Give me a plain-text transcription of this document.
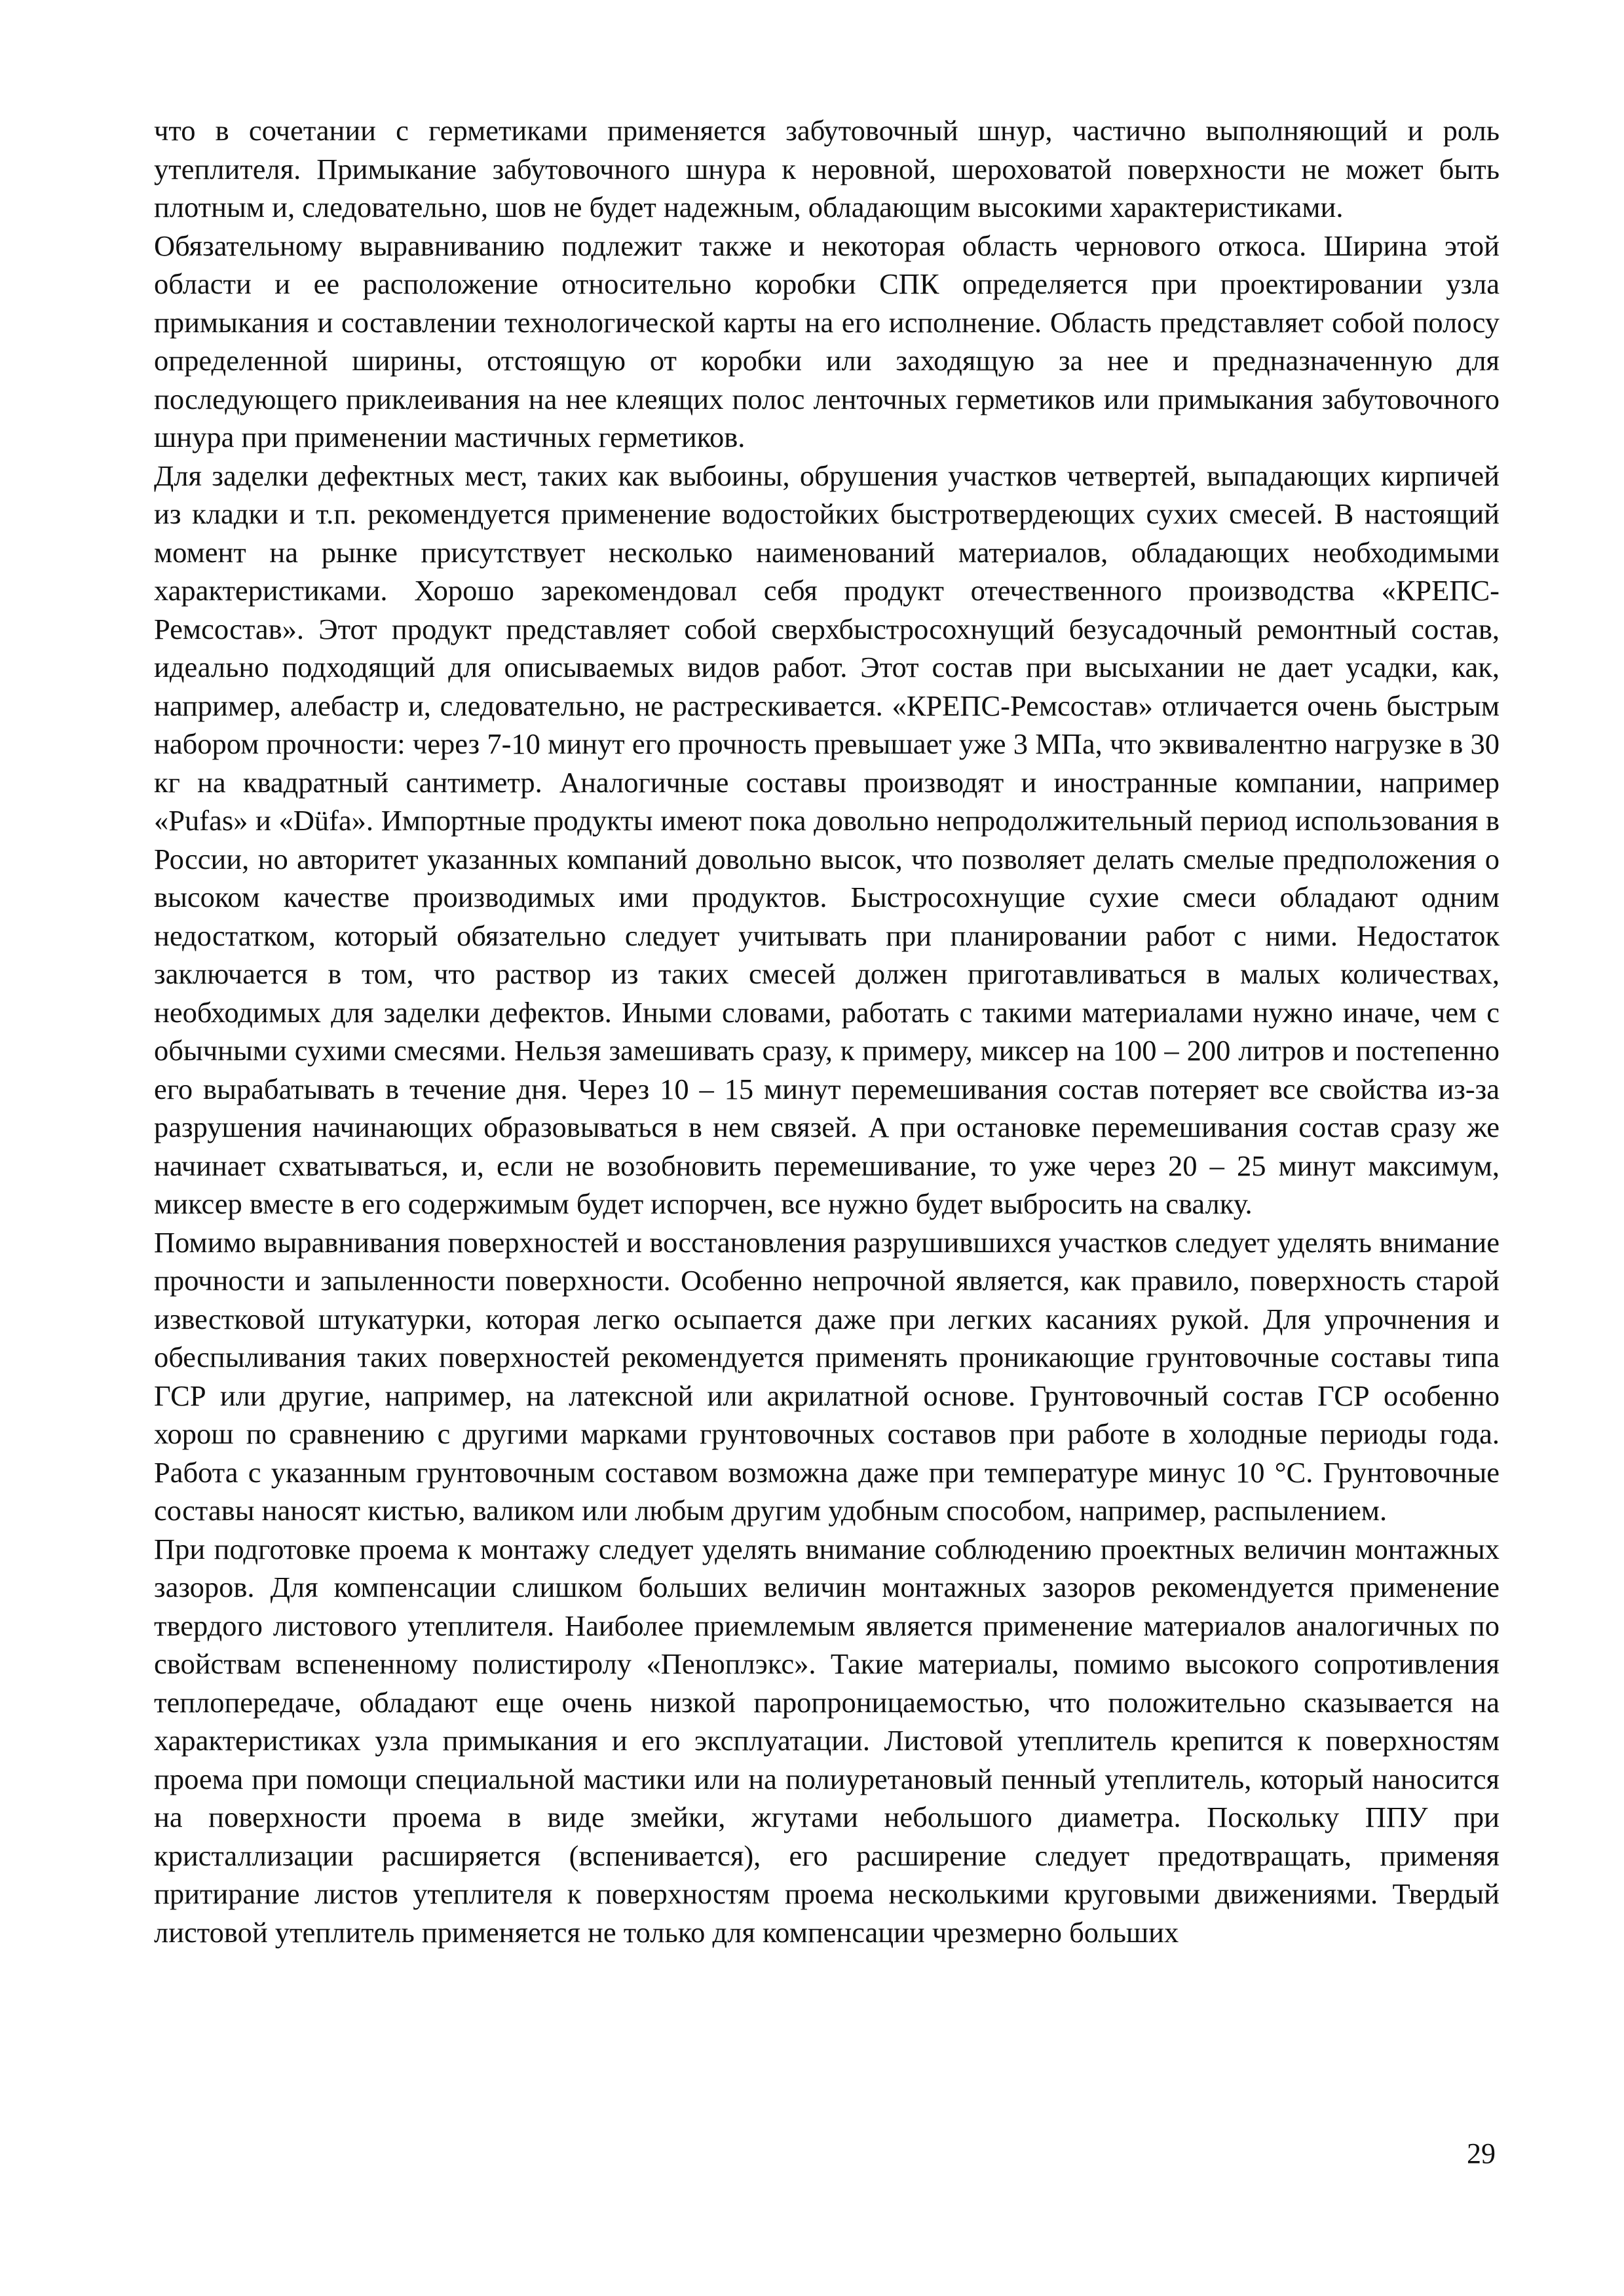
что в сочетании с герметиками применяется забутовочный шнур, частично выполняющий и роль утеплителя. Примыкание забутовочного шнура к неровной, шероховатой поверхности не может быть плотным и, следовательно, шов не будет надежным, обладающим высокими характеристиками.

Обязательному выравниванию подлежит также и некоторая область чернового откоса. Ширина этой области и ее расположение относительно коробки СПК определяется при проектировании узла примыкания и составлении технологической карты на его исполнение. Область представляет собой полосу определенной ширины, отстоящую от коробки или заходящую за нее и предназначенную для последующего приклеивания на нее клеящих полос ленточных герметиков или примыкания забутовочного шнура при применении мастичных герметиков.

Для заделки дефектных мест, таких как выбоины, обрушения участков четвертей, выпадающих кирпичей из кладки и т.п. рекомендуется применение водостойких быстротвердеющих сухих смесей. В настоящий момент на рынке присутствует несколько наименований материалов, обладающих необходимыми характеристиками. Хорошо зарекомендовал себя продукт отечественного производства «КРЕПС-Ремсостав». Этот продукт представляет собой сверхбыстросохнущий безусадочный ремонтный состав, идеально подходящий для описываемых видов работ. Этот состав при высыхании не дает усадки, как, например, алебастр и, следовательно, не растрескивается. «КРЕПС-Ремсостав» отличается очень быстрым набором прочности: через 7-10 минут его прочность превышает уже 3 МПа, что эквивалентно нагрузке в 30 кг на квадратный сантиметр. Аналогичные составы производят и иностранные компании, например «Pufas» и «Düfa». Импортные продукты имеют пока довольно непродолжительный период использования в России, но авторитет указанных компаний довольно высок, что позволяет делать смелые предположения о высоком качестве производимых ими продуктов. Быстросохнущие сухие смеси обладают одним недостатком, который обязательно следует учитывать при планировании работ с ними. Недостаток заключается в том, что раствор из таких смесей должен приготавливаться в малых количествах, необходимых для заделки дефектов. Иными словами, работать с такими материалами нужно иначе, чем с обычными сухими смесями. Нельзя замешивать сразу, к примеру, миксер на 100 – 200 литров и постепенно его вырабатывать в течение дня. Через 10 – 15 минут перемешивания состав потеряет все свойства из-за разрушения начинающих образовываться в нем связей. А при остановке перемешивания состав сразу же начинает схватываться, и, если не возобновить перемешивание, то уже через 20 – 25 минут максимум, миксер вместе в его содержимым будет испорчен, все нужно будет выбросить на свалку.

Помимо выравнивания поверхностей и восстановления разрушившихся участков следует уделять внимание прочности и запыленности поверхности. Особенно непрочной является, как правило, поверхность старой известковой штукатурки, которая легко осыпается даже при легких касаниях рукой. Для упрочнения и обеспыливания таких поверхностей рекомендуется применять проникающие грунтовочные составы типа ГСР или другие, например, на латексной или акрилатной основе. Грунтовочный состав ГСР особенно хорош по сравнению с другими марками грунтовочных составов при работе в холодные периоды года. Работа с указанным грунтовочным составом возможна даже при температуре минус 10 °С. Грунтовочные составы наносят кистью, валиком или любым другим удобным способом, например, распылением.

При подготовке проема к монтажу следует уделять внимание соблюдению проектных величин монтажных зазоров. Для компенсации слишком больших величин монтажных зазоров рекомендуется применение твердого листового утеплителя. Наиболее приемлемым является применение материалов аналогичных по свойствам вспененному полистиролу «Пеноплэкс». Такие материалы, помимо высокого сопротивления теплопередаче, обладают еще очень низкой паропроницаемостью, что положительно сказывается на характеристиках узла примыкания и его эксплуатации. Листовой утеплитель крепится к поверхностям проема при помощи специальной мастики или на полиуретановый пенный утеплитель, который наносится на поверхности проема в виде змейки, жгутами небольшого диаметра. Поскольку ППУ при кристаллизации расширяется (вспенивается), его расширение следует предотвращать, применяя притирание листов утеплителя к поверхностям проема несколькими круговыми движениями. Твердый листовой утеплитель применяется не только для компенсации чрезмерно больших

29
